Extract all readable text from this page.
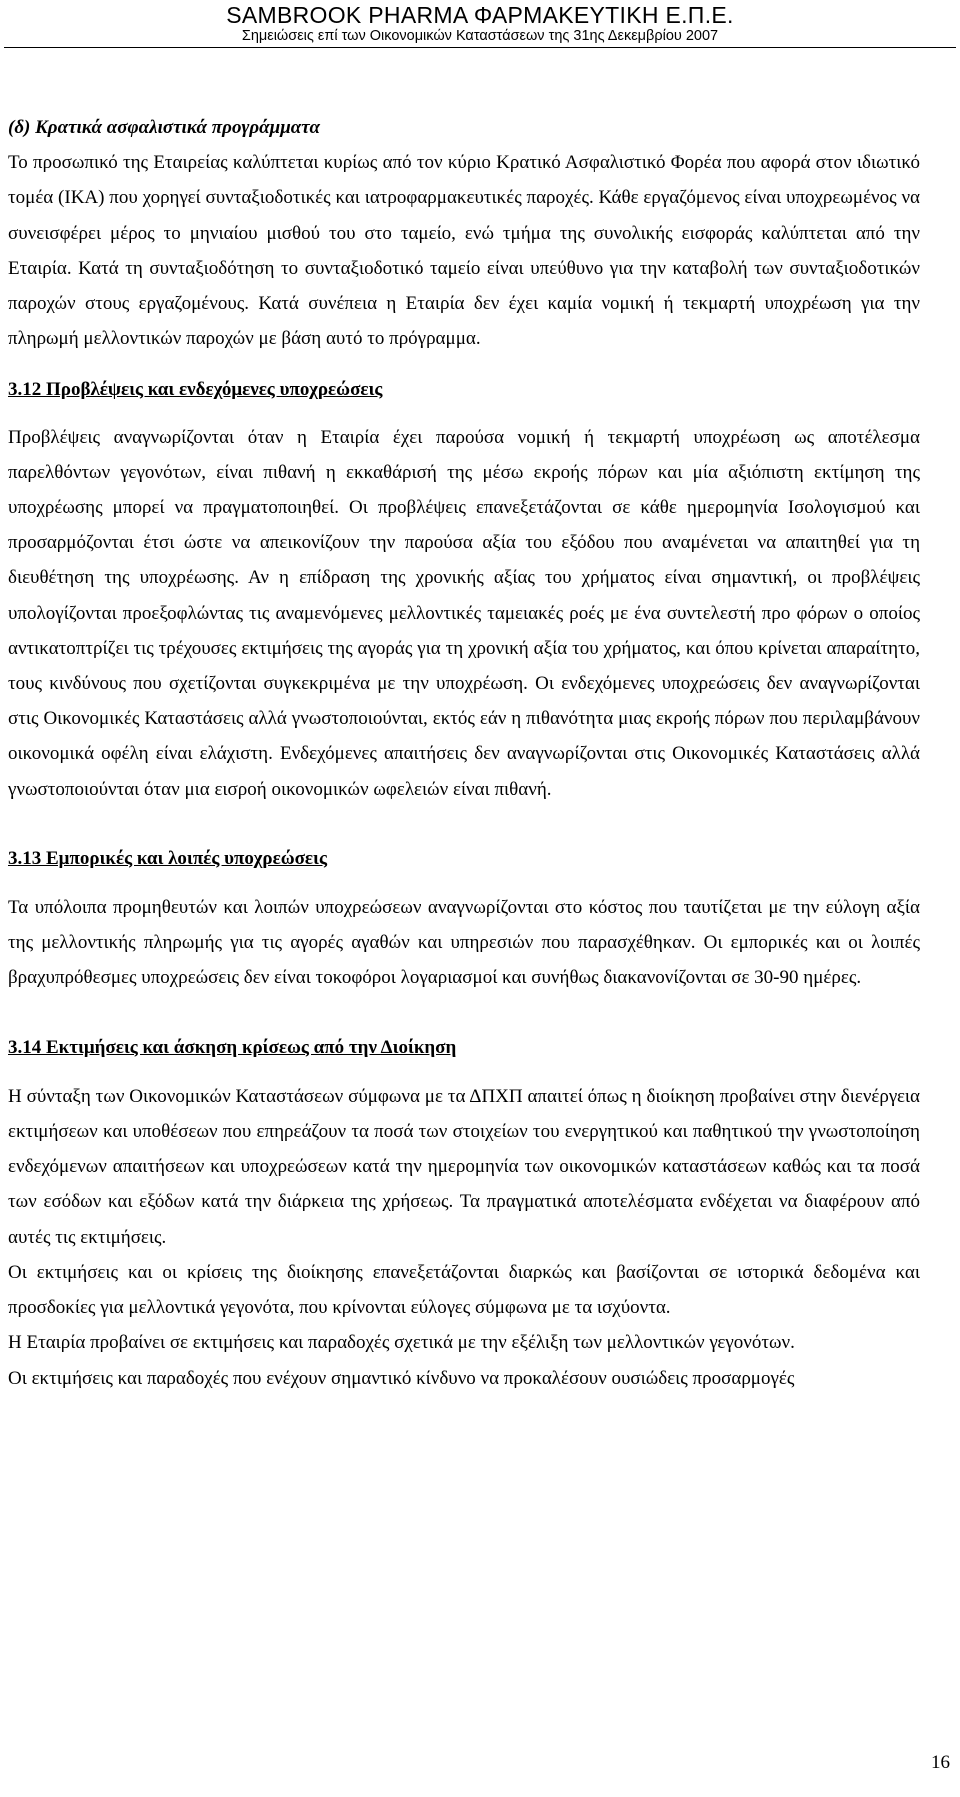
SAMBROOK PHARMA ΦΑΡΜΑΚΕΥΤΙΚΗ Ε.Π.Ε.
Σημειώσεις επί των Οικονομικών Καταστάσεων της 31ης Δεκεμβρίου 2007

(δ) Κρατικά ασφαλιστικά προγράμματα

Το προσωπικό της Εταιρείας καλύπτεται κυρίως από τον κύριο Κρατικό Ασφαλιστικό Φορέα που αφορά στον ιδιωτικό τομέα (ΙΚΑ) που χορηγεί συνταξιοδοτικές και ιατροφαρμακευτικές παροχές. Κάθε εργαζόμενος είναι υποχρεωμένος να συνεισφέρει μέρος το μηνιαίου μισθού του στο ταμείο, ενώ τμήμα της συνολικής εισφοράς καλύπτεται από την Εταιρία. Κατά τη συνταξιοδότηση το συνταξιοδοτικό ταμείο είναι υπεύθυνο για την καταβολή των συνταξιοδοτικών παροχών στους εργαζομένους. Κατά συνέπεια η Εταιρία δεν έχει καμία νομική ή τεκμαρτή υποχρέωση για την πληρωμή μελλοντικών παροχών με βάση αυτό το πρόγραμμα.

3.12 Προβλέψεις και ενδεχόμενες υποχρεώσεις

Προβλέψεις αναγνωρίζονται όταν η Εταιρία έχει παρούσα νομική ή τεκμαρτή υποχρέωση ως αποτέλεσμα παρελθόντων γεγονότων, είναι πιθανή η εκκαθάρισή της μέσω εκροής πόρων και μία αξιόπιστη εκτίμηση της υποχρέωσης μπορεί να πραγματοποιηθεί. Οι προβλέψεις επανεξετάζονται σε κάθε ημερομηνία Ισολογισμού και προσαρμόζονται έτσι ώστε να απεικονίζουν την παρούσα αξία του εξόδου που αναμένεται να απαιτηθεί για τη διευθέτηση της υποχρέωσης. Αν η επίδραση της χρονικής αξίας του χρήματος είναι σημαντική, οι προβλέψεις υπολογίζονται προεξοφλώντας τις αναμενόμενες μελλοντικές ταμειακές ροές με ένα συντελεστή προ φόρων ο οποίος αντικατοπτρίζει τις τρέχουσες εκτιμήσεις της αγοράς για τη χρονική αξία του χρήματος, και όπου κρίνεται απαραίτητο, τους κινδύνους που σχετίζονται συγκεκριμένα με την υποχρέωση. Οι ενδεχόμενες υποχρεώσεις δεν αναγνωρίζονται στις Οικονομικές Καταστάσεις αλλά γνωστοποιούνται, εκτός εάν η πιθανότητα μιας εκροής πόρων που περιλαμβάνουν οικονομικά οφέλη είναι ελάχιστη. Ενδεχόμενες απαιτήσεις δεν αναγνωρίζονται στις Οικονομικές Καταστάσεις αλλά γνωστοποιούνται όταν μια εισροή οικονομικών ωφελειών είναι πιθανή.

3.13 Εμπορικές και λοιπές υποχρεώσεις

Τα υπόλοιπα προμηθευτών και λοιπών υποχρεώσεων αναγνωρίζονται στο κόστος που ταυτίζεται με την εύλογη αξία της μελλοντικής πληρωμής για τις αγορές αγαθών και υπηρεσιών που παρασχέθηκαν. Οι εμπορικές και οι λοιπές βραχυπρόθεσμες υποχρεώσεις δεν είναι τοκοφόροι λογαριασμοί και συνήθως διακανονίζονται σε 30-90 ημέρες.

3.14 Εκτιμήσεις και άσκηση κρίσεως από την Διοίκηση

Η σύνταξη των Οικονομικών Καταστάσεων σύμφωνα με τα ΔΠΧΠ απαιτεί όπως η διοίκηση προβαίνει στην διενέργεια εκτιμήσεων και υποθέσεων που επηρεάζουν τα ποσά των στοιχείων του ενεργητικού και παθητικού την γνωστοποίηση ενδεχόμενων απαιτήσεων και υποχρεώσεων κατά την ημερομηνία των οικονομικών καταστάσεων καθώς και τα ποσά των εσόδων και εξόδων κατά την διάρκεια της χρήσεως. Τα πραγματικά αποτελέσματα ενδέχεται να διαφέρουν από αυτές τις εκτιμήσεις.

Οι εκτιμήσεις και οι κρίσεις της διοίκησης επανεξετάζονται διαρκώς και βασίζονται σε ιστορικά δεδομένα και προσδοκίες για μελλοντικά γεγονότα, που κρίνονται εύλογες σύμφωνα με τα ισχύοντα.

Η Εταιρία προβαίνει σε εκτιμήσεις και παραδοχές σχετικά με την εξέλιξη των μελλοντικών γεγονότων.

Οι εκτιμήσεις και παραδοχές που ενέχουν σημαντικό κίνδυνο να προκαλέσουν ουσιώδεις προσαρμογές

16
